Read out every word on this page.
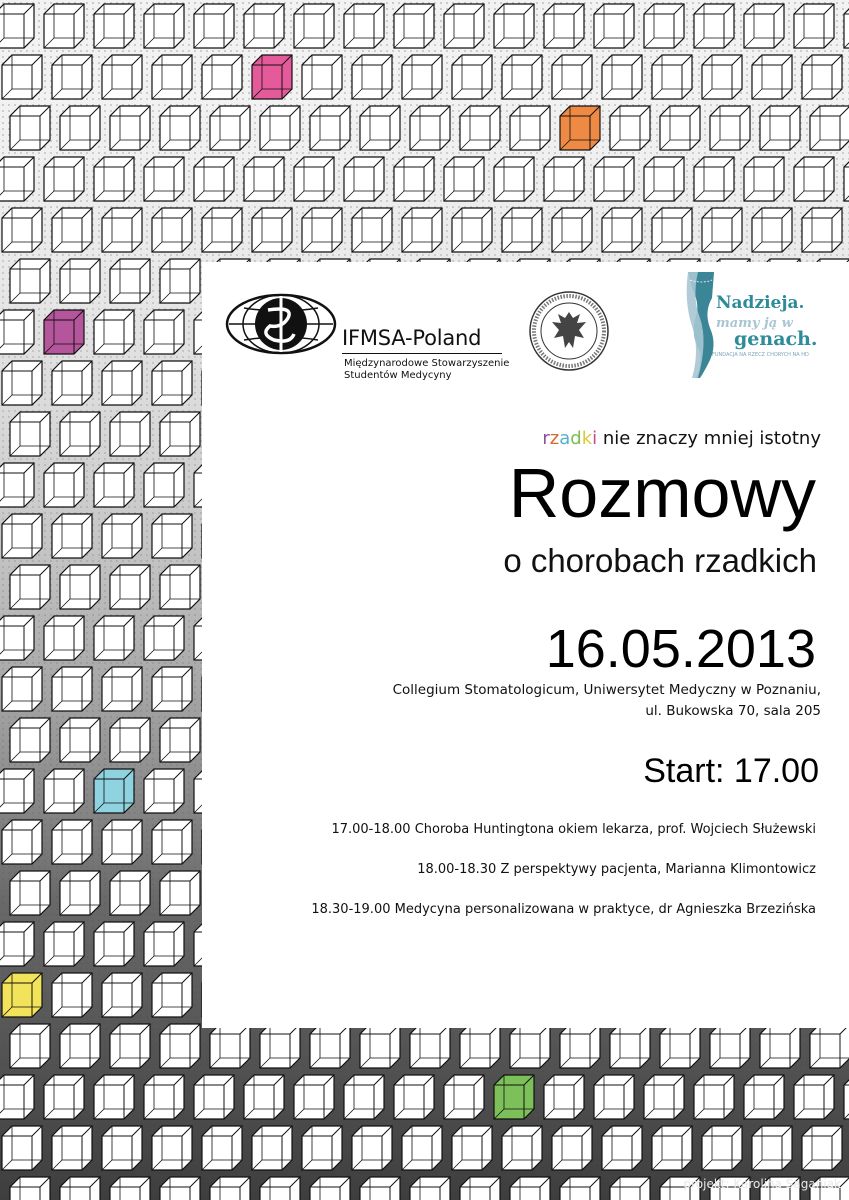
IFMSA-Poland
Międzynarodowe Stowarzyszenie
Studentów Medycyny
Nadzieja.
mamy ją w
genach.
FUNDACJA NA RZECZ CHORYCH NA HD
rzadki nie znaczy mniej istotny
Rozmowy
o chorobach rzadkich
16.05.2013
Collegium Stomatologicum, Uniwersytet Medyczny w Poznaniu,
ul. Bukowska 70, sala 205
Start: 17.00
17.00-18.00 Choroba Huntingtona okiem lekarza, prof. Wojciech Służewski
18.00-18.30 Z perspektywy pacjenta, Marianna Klimontowicz
18.30-19.00 Medycyna personalizowana w praktyce, dr Agnieszka Brzezińska
projekt: Karolina Saganiak
